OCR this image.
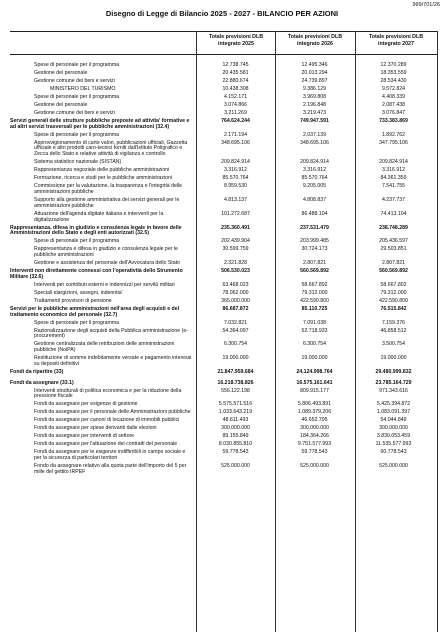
999/701/26
Disegno di Legge di Bilancio 2025 - 2027 - BILANCIO PER AZIONI
Totale previsioni DLB integrato 2025
Totale previsioni DLB integrato 2026
Totale previsioni DLB integrato 2027
Spese di personale per il programma	12.738.745	12.495.346	12.370.289
Gestione del personale	20.435.581	20.013.294	18.353.559
Gestione comune dei beni e servizi	22.880.674	24.739.897	28.534.430
MINISTERO DEL TURISMO	10.438.308	9.386.129	9.572.824
Spese di personale per il programma	4.152.171	3.969.808	4.408.339
Gestione del personale	3.074.866	2.196.848	2.087.438
Gestione comune dei beni e servizi	3.211.269	3.219.473	3.076.847
Servizi generali delle strutture pubbliche preposte ad attivita' formative e ad altri servizi trasversali per le pubbliche amministrazioni (32.4)
764.624.244	749.947.591	733.383.869
Spese di personale per il programma	2.171.194	2.037.139	1.892.762
Approvvigionamento di carte valori, pubblicazioni ufficiali, Gazzetta ufficiale e altri prodotti caro-tecnici forniti dall'Istituto Poligrafico e Zecca dello Stato e relative attività di vigilanza e controllo
348.695.106	348.695.106	347.795.106
Sistema statistico nazionale (SISTAN)	209.824.914	209.824.914	209.824.914
Rappresentanza negoziale delle pubbliche amministrazioni	3.316.912	3.316.912	3.316.912
Formazione, ricerca e studi per le pubbliche amministrazioni	85.570.764	85.570.764	84.361.359
Commissione per la valutazione, la trasparenza e l'integrità delle amministrazioni pubbliche
8.959.530	9.205.005	7.541.755
Supporto alla gestione amministrativa dei servizi generali per le amministrazioni pubbliche
4.813.137	4.808.837	4.237.737
Attuazione dell'agenda digitale italiana e interventi per la digitalizzazione
101.272.687	86.488.104	74.413.104
Rappresentanza, difesa in giudizio e consulenza legale in favore delle Amministrazioni dello Stato e degli enti autorizzati (32.5)
235.360.491	237.531.479	238.748.289
Spese di personale per il programma	202.439.904	203.999.485	205.436.597
Rappresentanza e difesa in giudizio e consulenza legale per le pubbliche amministrazioni
30.599.759	30.724.173	29.503.851
Gestione e assistenza del personale dell'Avvocatura dello Stato	2.321.828	2.807.821	2.807.821
Interventi non direttamente connessi con l'operatività dello Strumento Militare (32.6)
506.530.023	560.569.892	560.569.892
Interventi per contributi esterni e indennizzi per servitù militari	63.468.023	58.667.892	58.667.802
Speciali elargizioni, assegni, indennita'	78.062.000	79.312.000	79.312.000
Trattamenti provvisori di pensione	365.000.000	422.590.800	422.590.800
Servizi per le pubbliche amministrazioni nell'area degli acquisti e del trattamento economico del personale (32.7)
86.687.872	85.110.725	76.515.842
Spese di personale per il programma	7.032.821	7.091.038	7.159.376
Razionalizzazione degli acquisti della Pubblica amministrazione (e-procurement)
54.364.097	52.718.933	46.858.512
Gestione centralizzata delle retribuzioni delle amministrazioni pubbliche (NoiPA)
6.300.754	6.300.754	3.500.754
Restituzione di somme indebitamente versate e pagamento interessi su depositi definitivi
19.000.000	19.000.000	19.000.000
Fondi da ripartire (33)	21.847.959.684	24.124.998.764	29.480.999.832
Fondi da assegnare (33.1)	16.218.738.826	16.575.161.641	23.785.164.729
Interventi strutturali di politica economica e per la riduzione della pressione fiscale
556.122.198	809.915.177	971.343.616
Fondi da assegnare per esigenze di gestione	5.575.571.516	5.806.493.891	5.425.394.872
Fondi da assegnare per il personale delle Amministrazioni pubbliche	1.033.643.219	1.089.379.206	1.083.091.397
Fondi da assegnare per canoni di locazione di immobili pubblici	48.611.493	46.652.795	54.044.849
Fondi da assegnare per spese derivanti dalle elezioni	300.000.000	300.000.000	300.000.000
Fondi da assegnare per interventi di settore	89.155.849	184.364.266	3.830.053.459
Fondi da assegnare per l'attuazione dei contratti del personale	8.030.855.810	9.751.577.993	11.535.577.993
Fondi da assegnare per le esigenze indifferibili in campo sociale e per la sicurezza di particolari territori
59.778.543	59.778.543	60.778.543
Fondo da assegnare relativo alla quota parte dell'importo del 5 per mille del gettito IRPEF
525.000.000	525.000.000	525.000.000
